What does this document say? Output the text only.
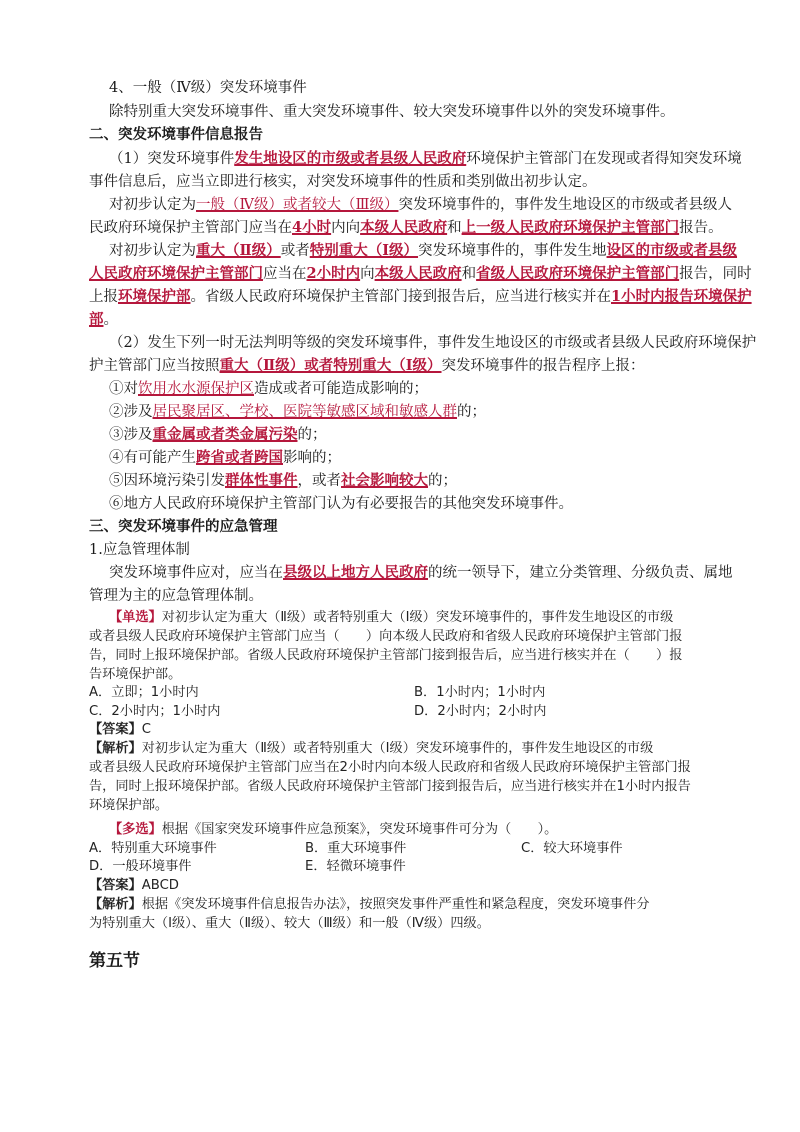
4、一般（Ⅳ级）突发环境事件
除特别重大突发环境事件、重大突发环境事件、较大突发环境事件以外的突发环境事件。
二、突发环境事件信息报告
（1）突发环境事件发生地设区的市级或者县级人民政府环境保护主管部门在发现或者得知突发环境
事件信息后，应当立即进行核实，对突发环境事件的性质和类别做出初步认定。
对初步认定为一般（Ⅳ级）或者较大（Ⅲ级）突发环境事件的，事件发生地设区的市级或者县级人
民政府环境保护主管部门应当在4小时内向本级人民政府和上一级人民政府环境保护主管部门报告。
对初步认定为重大（Ⅱ级）或者特别重大（Ⅰ级）突发环境事件的，事件发生地设区的市级或者县级
人民政府环境保护主管部门应当在2小时内向本级人民政府和省级人民政府环境保护主管部门报告，同时
上报环境保护部。省级人民政府环境保护主管部门接到报告后，应当进行核实并在1小时内报告环境保护
部。
（2）发生下列一时无法判明等级的突发环境事件，事件发生地设区的市级或者县级人民政府环境保护
护主管部门应当按照重大（Ⅱ级）或者特别重大（Ⅰ级）突发环境事件的报告程序上报：
①对饮用水水源保护区造成或者可能造成影响的；
②涉及居民聚居区、学校、医院等敏感区域和敏感人群的；
③涉及重金属或者类金属污染的；
④有可能产生跨省或者跨国影响的；
⑤因环境污染引发群体性事件，或者社会影响较大的；
⑥地方人民政府环境保护主管部门认为有必要报告的其他突发环境事件。
三、突发环境事件的应急管理
1.应急管理体制
突发环境事件应对，应当在县级以上地方人民政府的统一领导下，建立分类管理、分级负责、属地
管理为主的应急管理体制。
【单选】对初步认定为重大（Ⅱ级）或者特别重大（Ⅰ级）突发环境事件的，事件发生地设区的市级
或者县级人民政府环境保护主管部门应当（　　）向本级人民政府和省级人民政府环境保护主管部门报
告，同时上报环境保护部。省级人民政府环境保护主管部门接到报告后，应当进行核实并在（　　）报
告环境保护部。
A．立即；1小时内	B．1小时内；1小时内
C．2小时内；1小时内	D．2小时内；2小时内
【答案】C
【解析】对初步认定为重大（Ⅱ级）或者特别重大（Ⅰ级）突发环境事件的，事件发生地设区的市级
或者县级人民政府环境保护主管部门应当在2小时内向本级人民政府和省级人民政府环境保护主管部门报
告，同时上报环境保护部。省级人民政府环境保护主管部门接到报告后，应当进行核实并在1小时内报告
环境保护部。
【多选】根据《国家突发环境事件应急预案》，突发环境事件可分为（　　）。
A．特别重大环境事件	B．重大环境事件	C．较大环境事件
D．一般环境事件	E．轻微环境事件
【答案】ABCD
【解析】根据《突发环境事件信息报告办法》，按照突发事件严重性和紧急程度，突发环境事件分
为特别重大（Ⅰ级）、重大（Ⅱ级）、较大（Ⅲ级）和一般（Ⅳ级）四级。
第五节
